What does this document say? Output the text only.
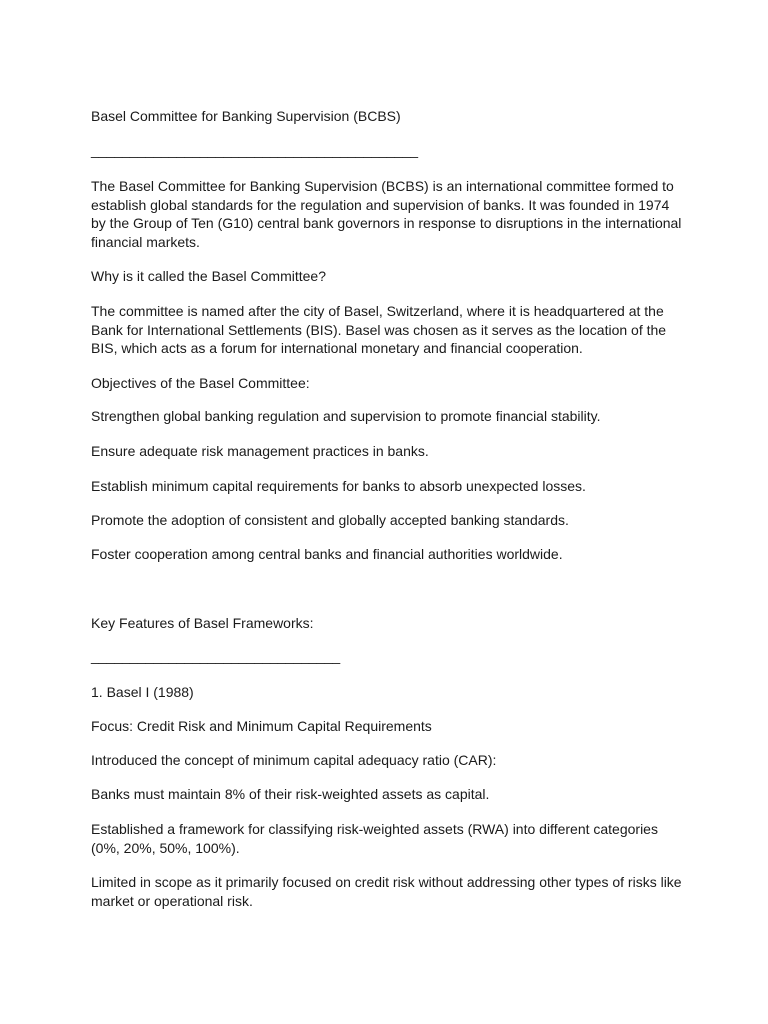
Basel Committee for Banking Supervision (BCBS)

__________________________________________

The Basel Committee for Banking Supervision (BCBS) is an international committee formed to establish global standards for the regulation and supervision of banks. It was founded in 1974 by the Group of Ten (G10) central bank governors in response to disruptions in the international financial markets.

Why is it called the Basel Committee?

The committee is named after the city of Basel, Switzerland, where it is headquartered at the Bank for International Settlements (BIS). Basel was chosen as it serves as the location of the BIS, which acts as a forum for international monetary and financial cooperation.

Objectives of the Basel Committee:

Strengthen global banking regulation and supervision to promote financial stability.

Ensure adequate risk management practices in banks.

Establish minimum capital requirements for banks to absorb unexpected losses.

Promote the adoption of consistent and globally accepted banking standards.

Foster cooperation among central banks and financial authorities worldwide.

Key Features of Basel Frameworks:

________________________________

1. Basel I (1988)

Focus: Credit Risk and Minimum Capital Requirements

Introduced the concept of minimum capital adequacy ratio (CAR):

Banks must maintain 8% of their risk-weighted assets as capital.

Established a framework for classifying risk-weighted assets (RWA) into different categories (0%, 20%, 50%, 100%).

Limited in scope as it primarily focused on credit risk without addressing other types of risks like market or operational risk.
